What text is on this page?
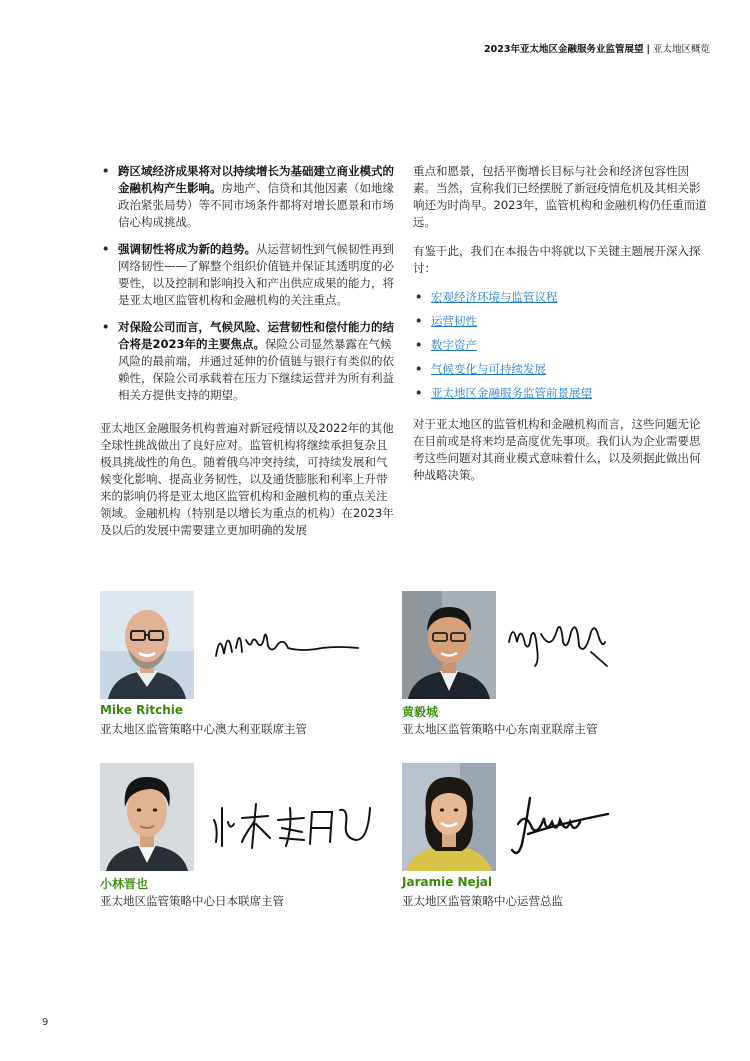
2023年亚太地区金融服务业监管展望 | 亚太地区概览
• 跨区域经济成果将对以持续增长为基础建立商业模式的金融机构产生影响。房地产、信贷和其他因素（如地缘政治紧张局势）等不同市场条件都将对增长愿景和市场信心构成挑战。
• 强调韧性将成为新的趋势。从运营韧性到气候韧性再到网络韧性——了解整个组织价值链并保证其透明度的必要性，以及控制和影响投入和产出供应成果的能力，将是亚太地区监管机构和金融机构的关注重点。
• 对保险公司而言，气候风险、运营韧性和偿付能力的结合将是2023年的主要焦点。保险公司显然暴露在气候风险的最前端，并通过延伸的价值链与银行有类似的依赖性，保险公司承载着在压力下继续运营并为所有利益相关方提供支持的期望。

亚太地区金融服务机构普遍对新冠疫情以及2022年的其他全球性挑战做出了良好应对。监管机构将继续承担复杂且极具挑战性的角色。随着俄乌冲突持续，可持续发展和气候变化影响、提高业务韧性，以及通货膨胀和利率上升带来的影响仍将是亚太地区监管机构和金融机构的重点关注领域。金融机构（特别是以增长为重点的机构）在2023年及以后的发展中需要建立更加明确的发展

重点和愿景，包括平衡增长目标与社会和经济包容性因素。当然，宣称我们已经摆脱了新冠疫情危机及其相关影响还为时尚早。2023年，监管机构和金融机构仍任重而道远。

有鉴于此，我们在本报告中将就以下关键主题展开深入探讨：

• 宏观经济环境与监管议程
• 运营韧性
• 数字资产
• 气候变化与可持续发展
• 亚太地区金融服务监管前景展望

对于亚太地区的监管机构和金融机构而言，这些问题无论在目前或是将来均是高度优先事项。我们认为企业需要思考这些问题对其商业模式意味着什么，以及须据此做出何种战略决策。

Mike Ritchie
亚太地区监管策略中心澳大利亚联席主管
黄毅城
亚太地区监管策略中心东南亚联席主管
小林晋也
亚太地区监管策略中心日本联席主管
Jaramie Nejal
亚太地区监管策略中心运营总监
9
